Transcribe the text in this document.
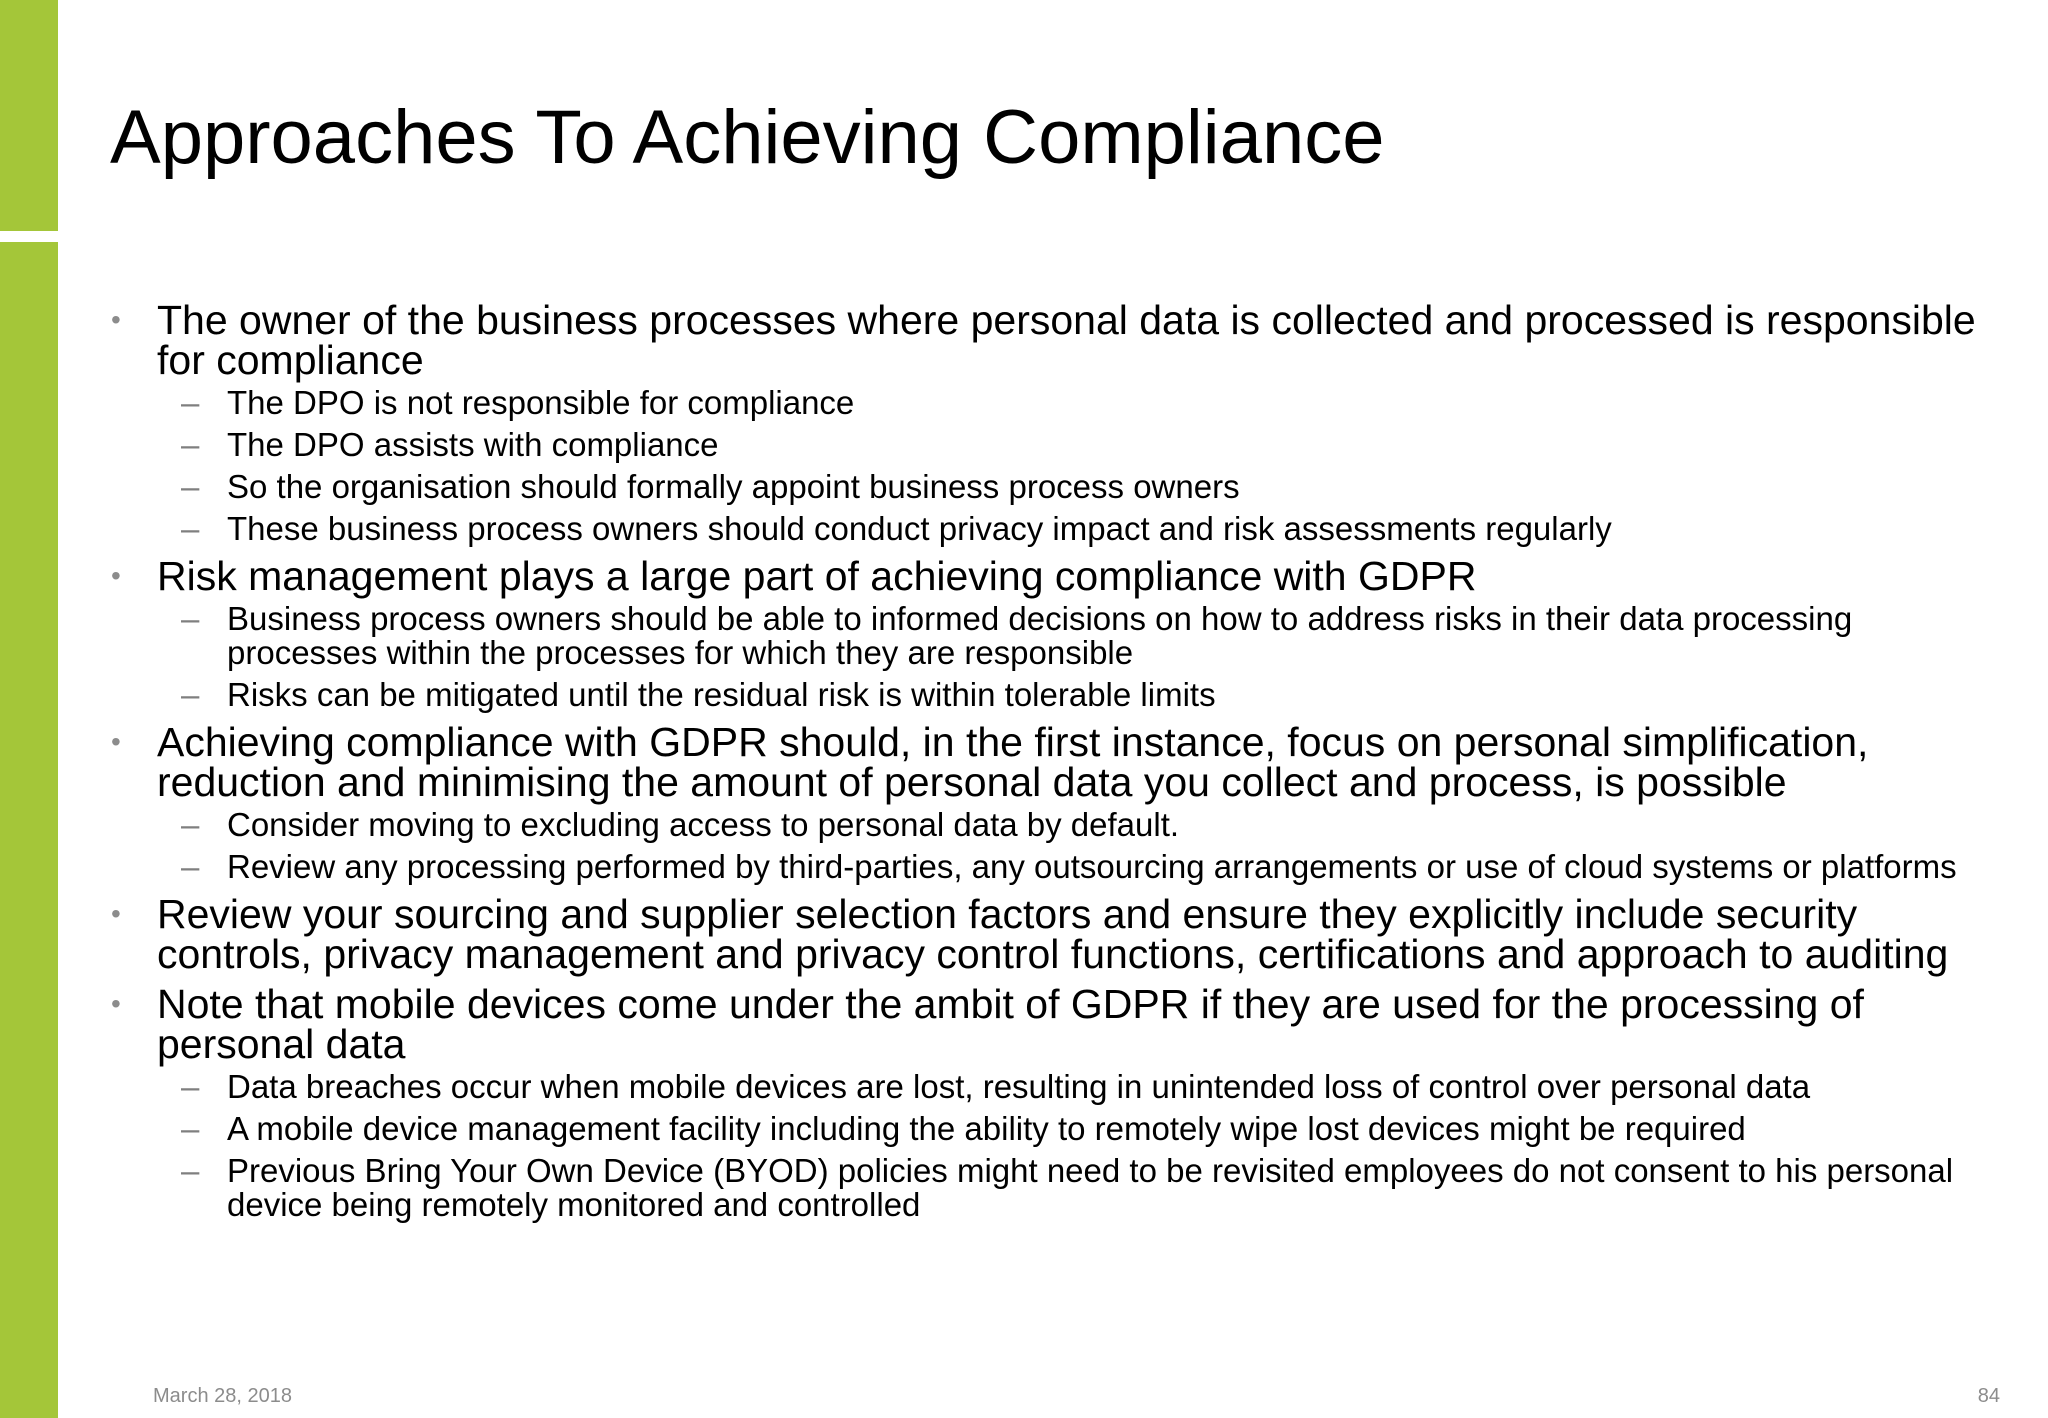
Approaches To Achieving Compliance
• The owner of the business processes where personal data is collected and processed is responsible for compliance
– The DPO is not responsible for compliance
– The DPO assists with compliance
– So the organisation should formally appoint business process owners
– These business process owners should conduct privacy impact and risk assessments regularly
• Risk management plays a large part of achieving compliance with GDPR
– Business process owners should be able to informed decisions on how to address risks in their data processing processes within the processes for which they are responsible
– Risks can be mitigated until the residual risk is within tolerable limits
• Achieving compliance with GDPR should, in the first instance, focus on personal simplification, reduction and minimising the amount of personal data you collect and process, is possible
– Consider moving to excluding access to personal data by default.
– Review any processing performed by third-parties, any outsourcing arrangements or use of cloud systems or platforms
• Review your sourcing and supplier selection factors and ensure they explicitly include security controls, privacy management and privacy control functions, certifications and approach to auditing
• Note that mobile devices come under the ambit of GDPR if they are used for the processing of personal data
– Data breaches occur when mobile devices are lost, resulting in unintended loss of control over personal data
– A mobile device management facility including the ability to remotely wipe lost devices might be required
– Previous Bring Your Own Device (BYOD) policies might need to be revisited employees do not consent to his personal device being remotely monitored and controlled
March 28, 2018	84
